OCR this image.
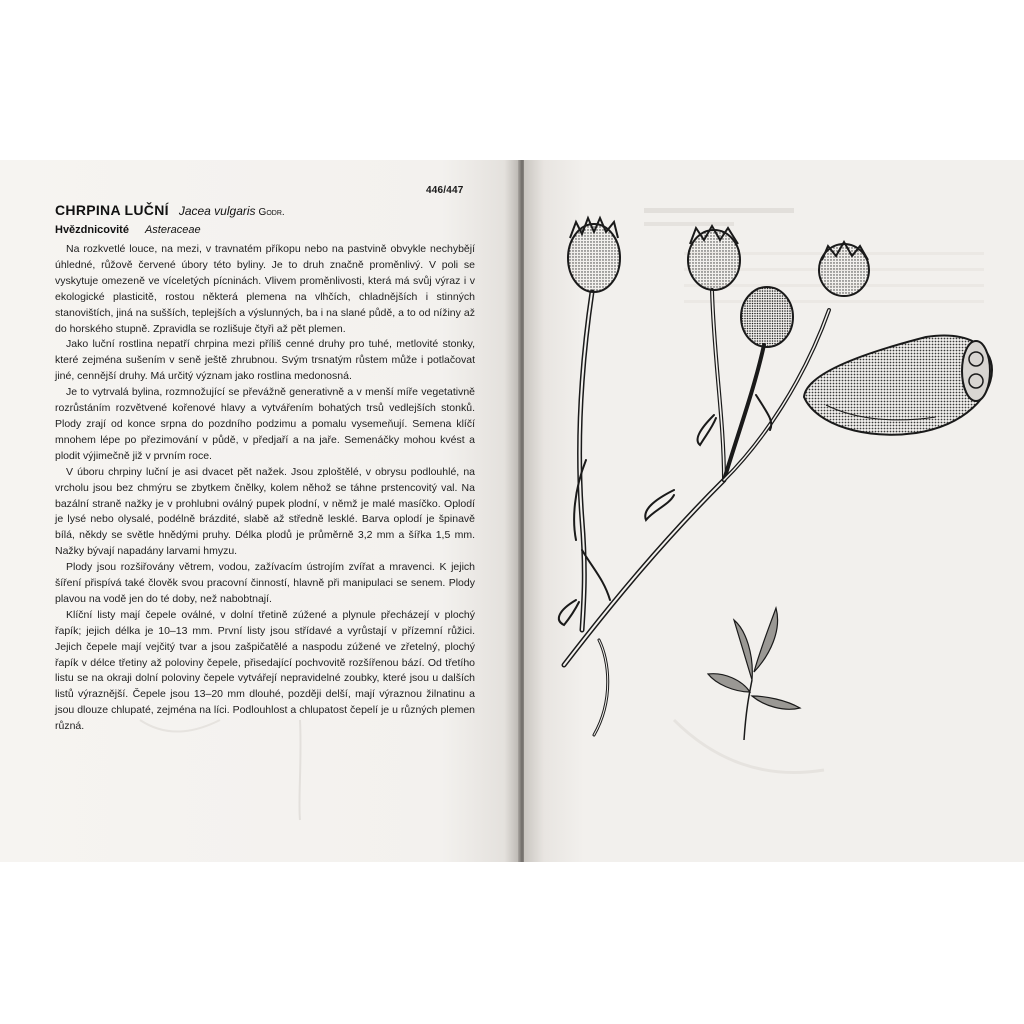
446/447
CHRPINA LUČNÍ Jacea vulgaris Godr.
Hvězdnicovité Asteraceae

Na rozkvetlé louce, na mezi, v travnatém příkopu nebo na pastvině obvykle nechybějí úhledné, růžově červené úbory této byliny. Je to druh značně proměnlivý. V poli se vyskytuje omezeně ve víceletých pícninách. Vlivem proměnlivosti, která má svůj výraz i v ekologické plasticitě, rostou některá plemena na vlhčích, chladnějších i stinných stanovištích, jiná na sušších, teplejších a výslunných, ba i na slané půdě, a to od nížiny až do horského stupně. Zpravidla se rozlišuje čtyři až pět plemen.

Jako luční rostlina nepatří chrpina mezi příliš cenné druhy pro tuhé, metlovité stonky, které zejména sušením v seně ještě zhrubnou. Svým trsnatým růstem může i potlačovat jiné, cennější druhy. Má určitý význam jako rostlina medonosná.

Je to vytrvalá bylina, rozmnožující se převážně generativně a v menší míře vegetativně rozrůstáním rozvětvené kořenové hlavy a vytvářením bohatých trsů vedlejších stonků. Plody zrají od konce srpna do pozdního podzimu a pomalu vysemeňují. Semena klíčí mnohem lépe po přezimování v půdě, v předjaří a na jaře. Semenáčky mohou kvést a plodit výjimečně již v prvním roce.

V úboru chrpiny luční je asi dvacet pět nažek. Jsou zploštělé, v obrysu podlouhlé, na vrcholu jsou bez chmýru se zbytkem čnělky, kolem něhož se táhne prstencovitý val. Na bazální straně nažky je v prohlubni oválný pupek plodní, v němž je malé masíčko. Oplodí je lysé nebo olysalé, podélně brázdité, slabě až středně lesklé. Barva oplodí je špinavě bílá, někdy se světle hnědými pruhy. Délka plodů je průměrně 3,2 mm a šířka 1,5 mm. Nažky bývají napadány larvami hmyzu.

Plody jsou rozšiřovány větrem, vodou, zažívacím ústrojím zvířat a mravenci. K jejich šíření přispívá také člověk svou pracovní činností, hlavně při manipulaci se senem. Plody plavou na vodě jen do té doby, než nabobtnají.

Klíční listy mají čepele oválné, v dolní třetině zúžené a plynule přecházejí v plochý řapík; jejich délka je 10–13 mm. První listy jsou střídavé a vyrůstají v přízemní růžici. Jejich čepele mají vejčitý tvar a jsou zašpičatělé a naspodu zúžené ve zřetelný, plochý řapík v délce třetiny až poloviny čepele, přisedající pochvovitě rozšířenou bází. Od třetího listu se na okraji dolní poloviny čepele vytvářejí nepravidelné zoubky, které jsou u dalších listů výraznější. Čepele jsou 13–20 mm dlouhé, později delší, mají výraznou žilnatinu a jsou dlouze chlupaté, zejména na líci. Podlouhlost a chlupatost čepelí je u různých plemen různá.
